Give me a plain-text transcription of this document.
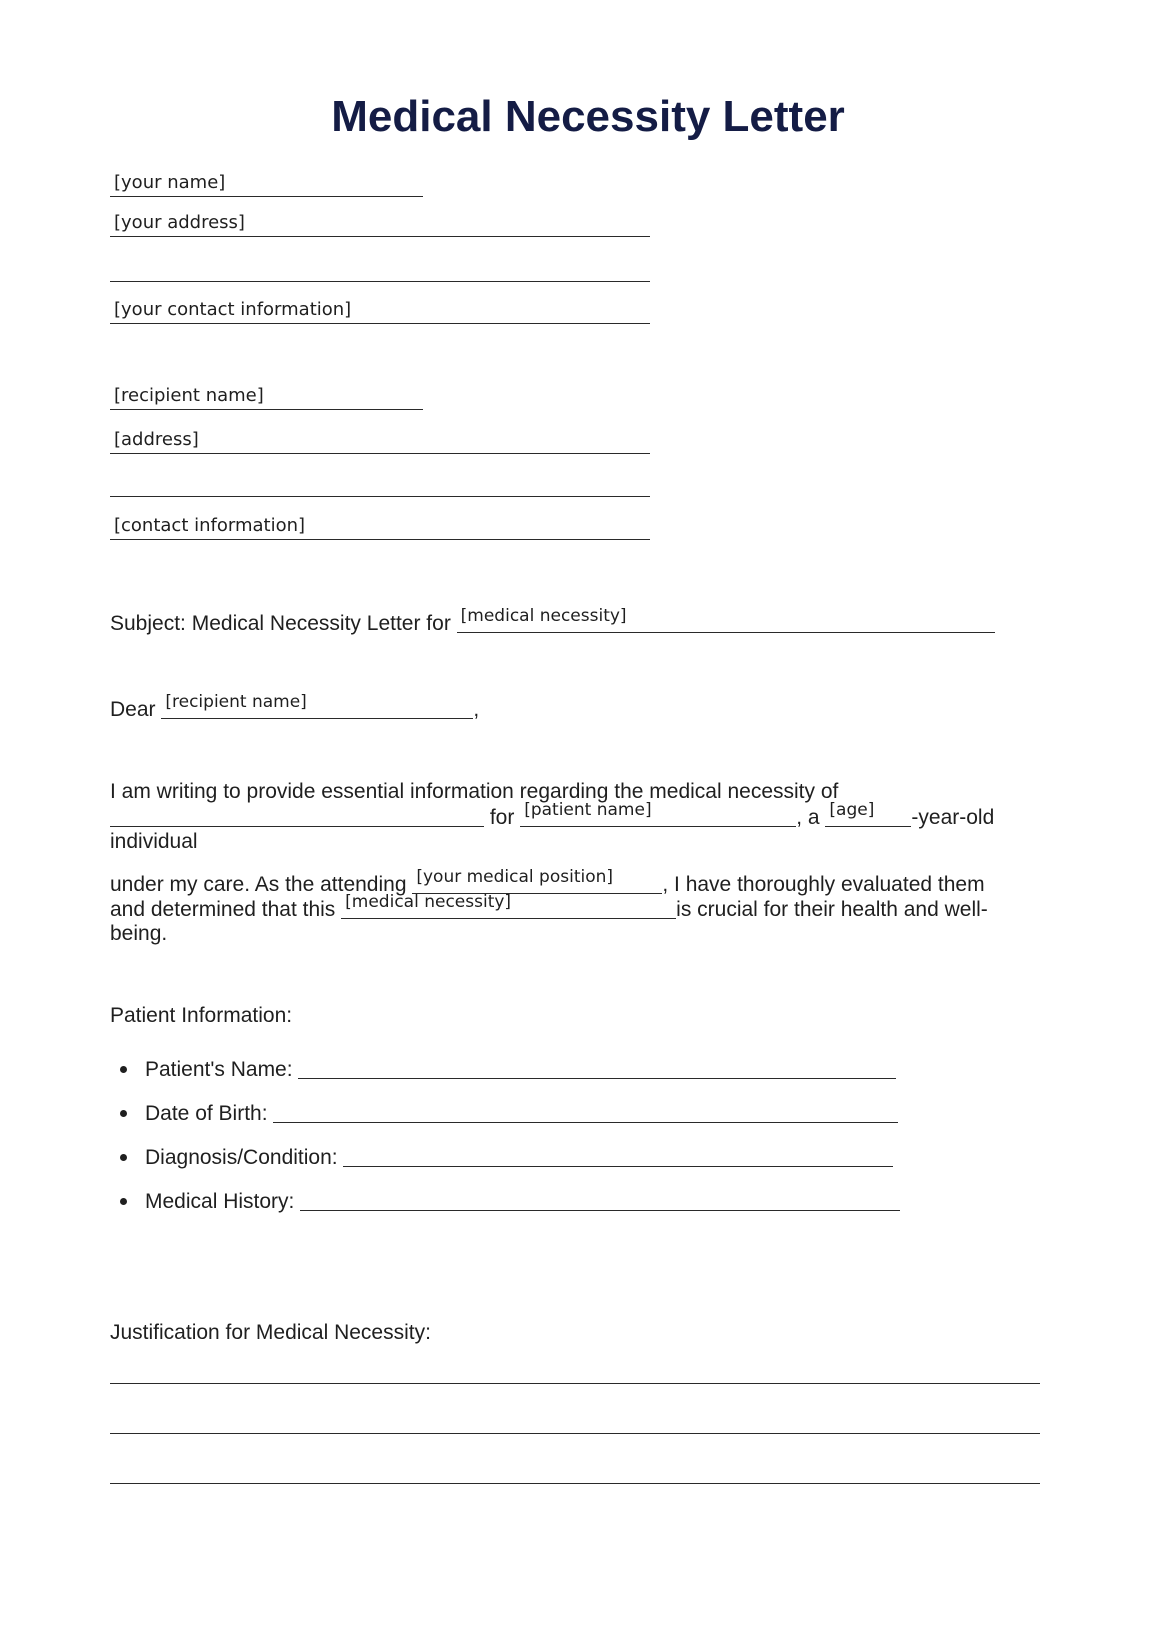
Medical Necessity Letter
[your name]
[your address]
[your contact information]
[recipient name]
[address]
[contact information]
Subject: Medical Necessity Letter for [medical necessity]
Dear [recipient name]	,
I am writing to provide essential information regarding the medical necessity of
for [patient name]	, a [age] -year-old
individual
under my care. As the attending [your medical position] , I have thoroughly evaluated them
and determined that this [medical necessity]	is crucial for their health and well-
being.
Patient Information:
Patient's Name:
Date of Birth:
Diagnosis/Condition:
Medical History:
Justification for Medical Necessity:
